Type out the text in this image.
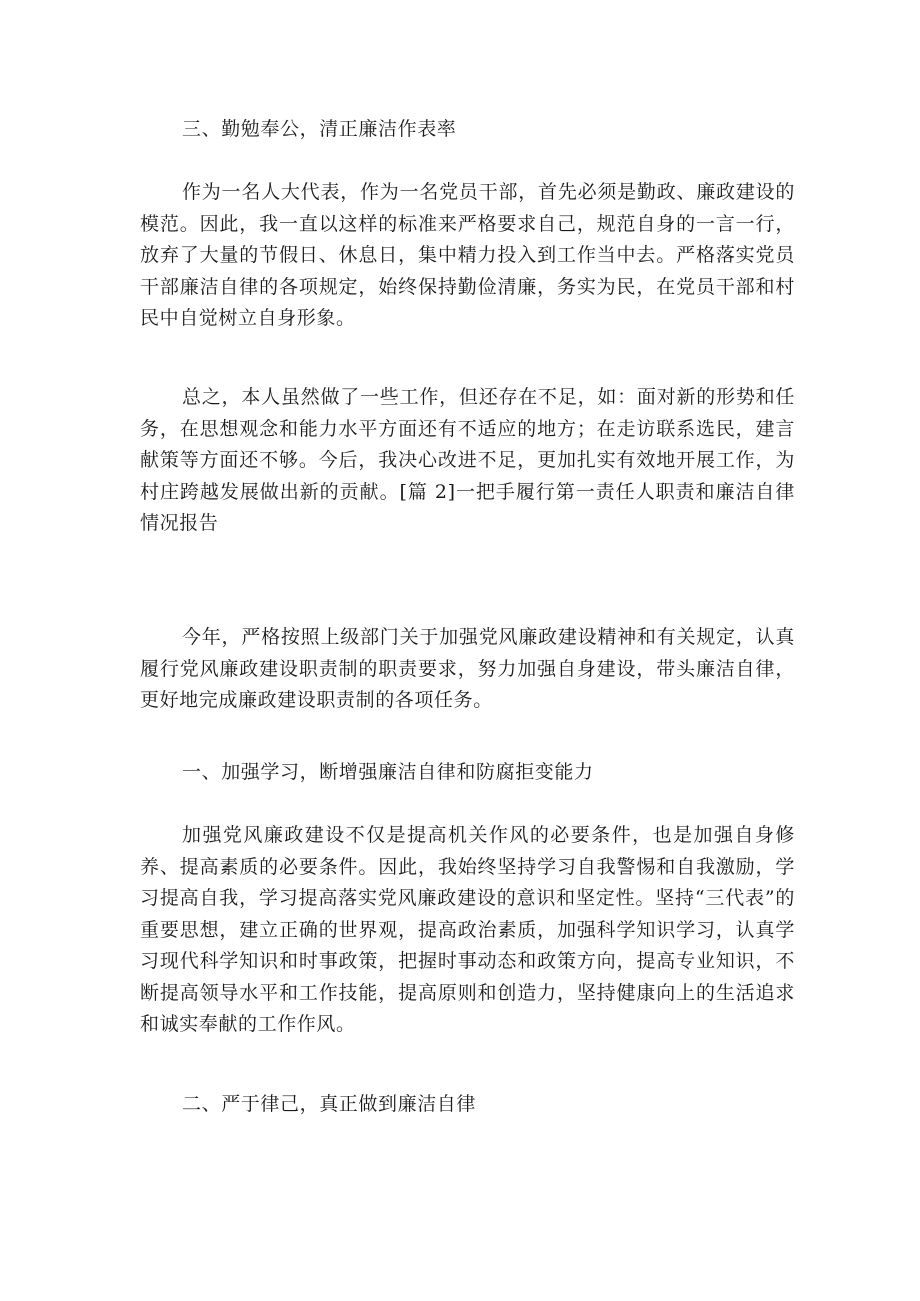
三、勤勉奉公，清正廉洁作表率

作为一名人大代表，作为一名党员干部，首先必须是勤政、廉政建设的模范。因此，我一直以这样的标准来严格要求自己，规范自身的一言一行，放弃了大量的节假日、休息日，集中精力投入到工作当中去。严格落实党员干部廉洁自律的各项规定，始终保持勤俭清廉，务实为民，在党员干部和村民中自觉树立自身形象。

总之，本人虽然做了一些工作，但还存在不足，如：面对新的形势和任务，在思想观念和能力水平方面还有不适应的地方；在走访联系选民，建言献策等方面还不够。今后，我决心改进不足，更加扎实有效地开展工作，为村庄跨越发展做出新的贡献。[篇 2]一把手履行第一责任人职责和廉洁自律情况报告

今年，严格按照上级部门关于加强党风廉政建设精神和有关规定，认真履行党风廉政建设职责制的职责要求，努力加强自身建设，带头廉洁自律，更好地完成廉政建设职责制的各项任务。

一、加强学习，断增强廉洁自律和防腐拒变能力

加强党风廉政建设不仅是提高机关作风的必要条件，也是加强自身修养、提高素质的必要条件。因此，我始终坚持学习自我警惕和自我激励，学习提高自我，学习提高落实党风廉政建设的意识和坚定性。坚持“三代表”的重要思想，建立正确的世界观，提高政治素质，加强科学知识学习，认真学习现代科学知识和时事政策，把握时事动态和政策方向，提高专业知识，不断提高领导水平和工作技能，提高原则和创造力，坚持健康向上的生活追求和诚实奉献的工作作风。

二、严于律己，真正做到廉洁自律
